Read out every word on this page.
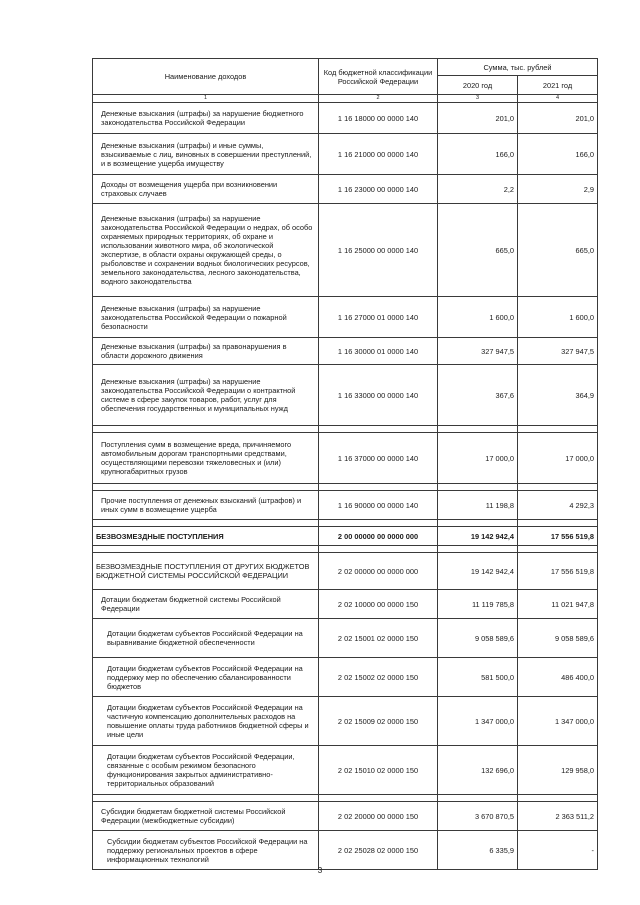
Наименование доходов	Код бюджетной классификации Российской Федерации	Сумма, тыс. рублей	
		2020 год	2021 год
1	2	3	4
Денежные взыскания (штрафы) за нарушение бюджетного законодательства Российской Федерации	1 16 18000 00 0000 140	201,0	201,0
Денежные взыскания (штрафы) и иные суммы, взыскиваемые с лиц, виновных в совершении преступлений, и в возмещение ущерба имуществу	1 16 21000 00 0000 140	166,0	166,0
Доходы от возмещения ущерба при возникновении страховых случаев	1 16 23000 00 0000 140	2,2	2,9
Денежные взыскания (штрафы) за нарушение законодательства Российской Федерации о недрах, об особо охраняемых природных территориях, об охране и использовании животного мира, об экологической экспертизе, в области охраны окружающей среды, о рыболовстве и сохранении водных биологических ресурсов, земельного законодательства, лесного законодательства, водного законодательства	1 16 25000 00 0000 140	665,0	665,0
Денежные взыскания (штрафы) за нарушение законодательства Российской Федерации о пожарной безопасности	1 16 27000 01 0000 140	1 600,0	1 600,0
Денежные взыскания (штрафы) за правонарушения в области дорожного движения	1 16 30000 01 0000 140	327 947,5	327 947,5
Денежные взыскания (штрафы) за нарушение законодательства Российской Федерации о контрактной системе в сфере закупок товаров, работ, услуг для обеспечения государственных и муниципальных нужд	1 16 33000 00 0000 140	367,6	364,9

Поступления сумм в возмещение вреда, причиняемого автомобильным дорогам транспортными средствами, осуществляющими перевозки тяжеловесных и (или) крупногабаритных грузов	1 16 37000 00 0000 140	17 000,0	17 000,0

Прочие поступления от денежных взысканий (штрафов) и иных сумм в возмещение ущерба	1 16 90000 00 0000 140	11 198,8	4 292,3

БЕЗВОЗМЕЗДНЫЕ ПОСТУПЛЕНИЯ	2 00 00000 00 0000 000	19 142 942,4	17 556 519,8

БЕЗВОЗМЕЗДНЫЕ ПОСТУПЛЕНИЯ ОТ ДРУГИХ БЮДЖЕТОВ БЮДЖЕТНОЙ СИСТЕМЫ РОССИЙСКОЙ ФЕДЕРАЦИИ	2 02 00000 00 0000 000	19 142 942,4	17 556 519,8
Дотации бюджетам бюджетной системы Российской Федерации	2 02 10000 00 0000 150	11 119 785,8	11 021 947,8
Дотации бюджетам субъектов Российской Федерации на выравнивание бюджетной обеспеченности	2 02 15001 02 0000 150	9 058 589,6	9 058 589,6
Дотации бюджетам субъектов Российской Федерации на поддержку мер по обеспечению сбалансированности бюджетов	2 02 15002 02 0000 150	581 500,0	486 400,0
Дотации бюджетам субъектов Российской Федерации на частичную компенсацию дополнительных расходов на повышение оплаты труда работников бюджетной сферы и иные цели	2 02 15009 02 0000 150	1 347 000,0	1 347 000,0
Дотации бюджетам субъектов Российской Федерации, связанные с особым режимом безопасного функционирования закрытых административно-территориальных образований	2 02 15010 02 0000 150	132 696,0	129 958,0

Субсидии бюджетам бюджетной системы Российской Федерации (межбюджетные субсидии)	2 02 20000 00 0000 150	3 670 870,5	2 363 511,2
Субсидии бюджетам субъектов Российской Федерации на поддержку региональных проектов в сфере информационных технологий	2 02 25028 02 0000 150	6 335,9	-
3
